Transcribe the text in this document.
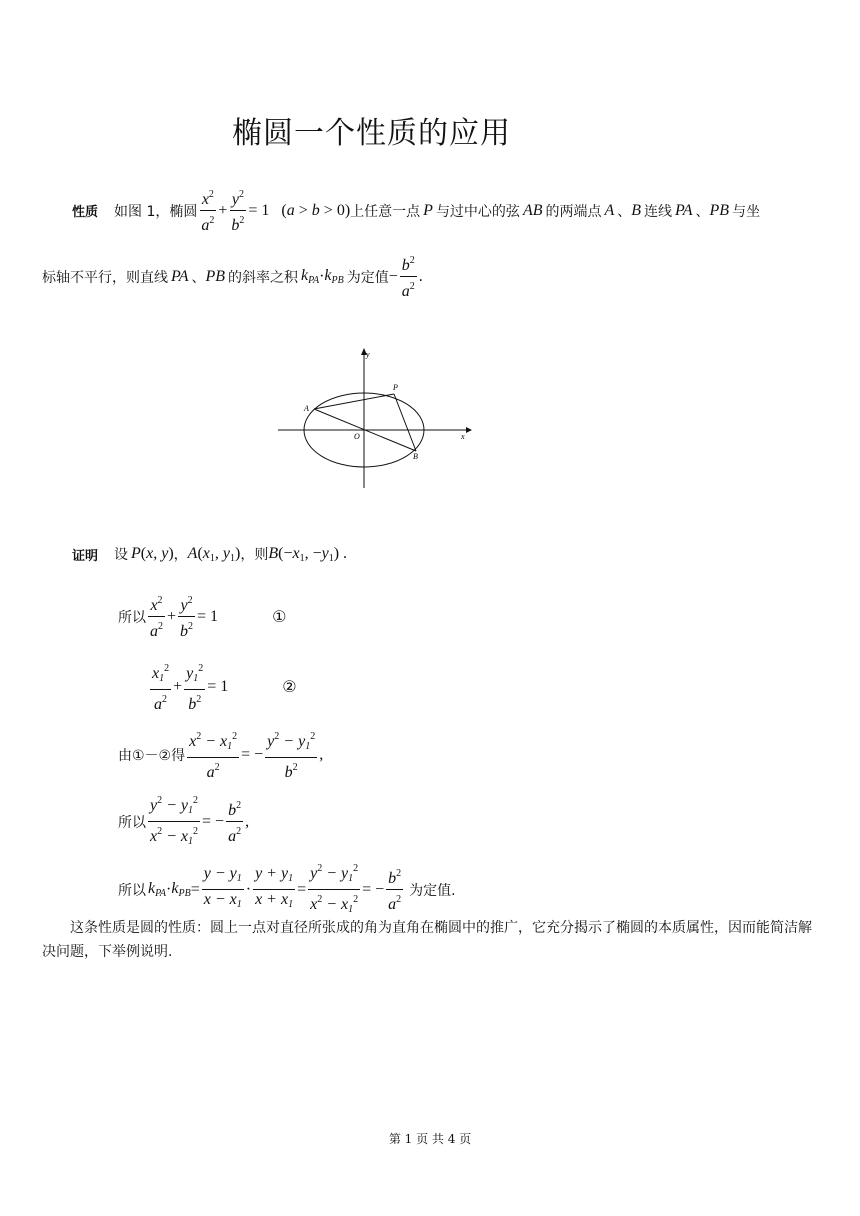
椭圆一个性质的应用
性质 如图 1，椭圆 $\frac{x^2}{a^2} + \frac{y^2}{b^2} = 1$   (a > b > 0) 上任意一点 P 与过中心的弦 AB 的两端点 A 、 B 连线 PA 、 PB 与坐
标轴不平行，则直线 PA 、 PB 的斜率之积 $k_{PA} \cdot k_{PB}$ 为定值 − $\frac{b^2}{a^2}$ .
y
x
O
P
A
B
证明 设 P(x, y) ， $A(x_1$, $y_1$) ，则 $B(-x_1$, $-y_1$) .
所以 $\frac{x^2}{a^2} + \frac{y^2}{b^2} = 1$	①
$\frac{x_1^2}{a^2} + \frac{y_1^2}{b^2} = 1$	②
由①－②得 $\frac{x^2 - x_1^2}{a^2}$ = − $\frac{y^2 - y_1^2}{b^2}$ ,
所以 $\frac{y^2 - y_1^2}{x^2 - x_1^2}$ = − $\frac{b^2}{a^2}$ ,
所以 $k_{PA} \cdot k_{PB} = \frac{y - y_1}{x - x_1} \cdot \frac{y + y_1}{x + x_1} = \frac{y^2 - y_1^2}{x^2 - x_1^2}$ = − $\frac{b^2}{a^2}$ 为定值.
这条性质是圆的性质：圆上一点对直径所张成的角为直角在椭圆中的推广，它充分揭示了椭圆的本质属性，因而能简洁解决问题，下举例说明.
第 1 页 共 4 页
